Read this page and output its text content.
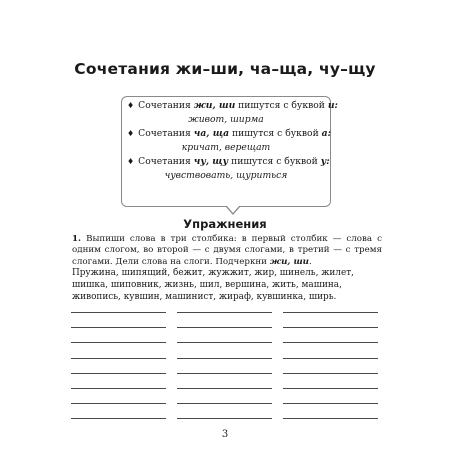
Сочетания жи–ши, ча–ща, чу–щу
♦ Сочетания жи, ши пишутся с буквой и:
живот, ширма
♦ Сочетания ча, ща пишутся с буквой а:
кричат, верещат
♦ Сочетания чу, щу пишутся с буквой у:
чувствовать, щуриться
Упражнения
1. Выпиши слова в три столбика: в первый столбик — слова с одним слогом, во второй — с двумя слогами, в третий — с тремя слогами. Дели слова на слоги. Подчеркни жи, ши.
Пружина, шипящий, бежит, жужжит, жир, шинель, жилет, шишка, шиповник, жизнь, шил, вершина, жить, машина, живопись, кувшин, машинист, жираф, кувшинка, ширь.
3
